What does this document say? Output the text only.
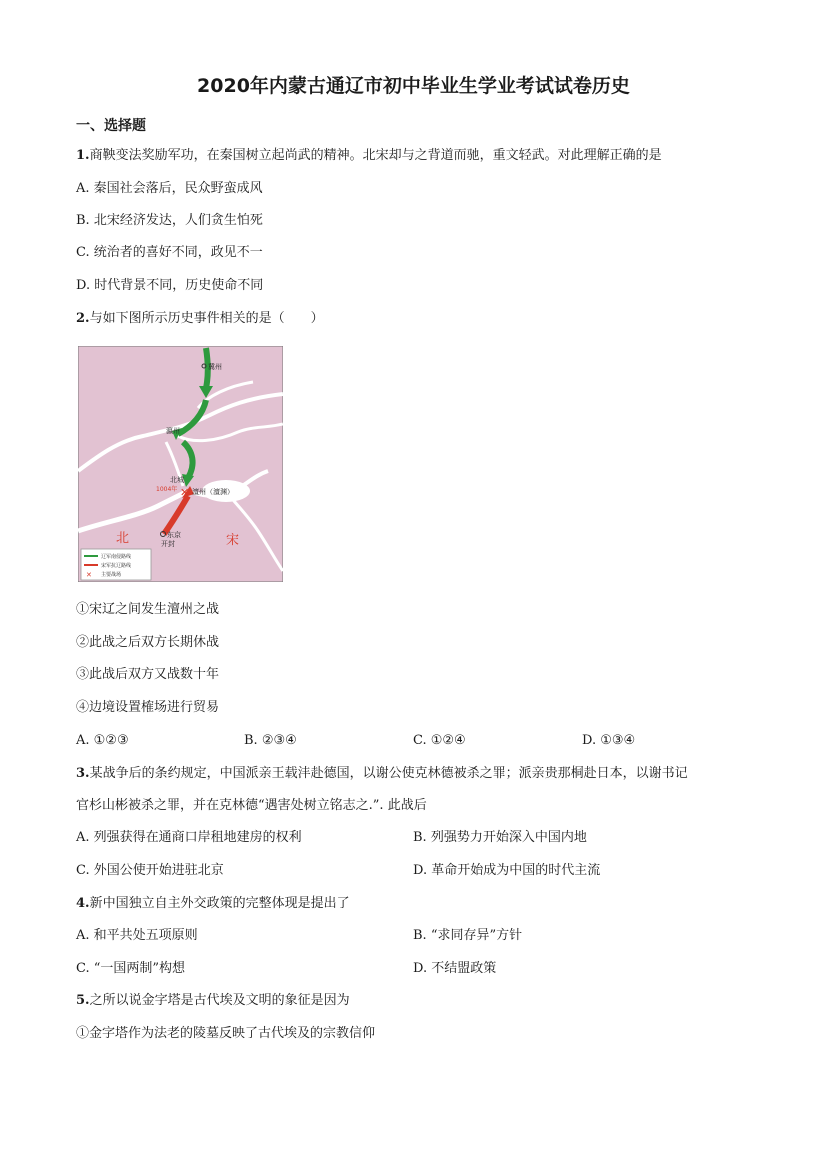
2020年内蒙古通辽市初中毕业生学业考试试卷历史
一、选择题
1.商鞅变法奖励军功，在秦国树立起尚武的精神。北宋却与之背道而驰，重文轻武。对此理解正确的是
A. 秦国社会落后，民众野蛮成风
B. 北宋经济发达，人们贪生怕死
C. 统治者的喜好不同，政见不一
D. 时代背景不同，历史使命不同
2.与如下图所示历史事件相关的是（　　）
✕
冀州
瀛州
北城
1004年 澶州（澶渊）
东京
开封
北	宋
辽军南侵路线
宋军抗辽路线
✕ 主要战场
①宋辽之间发生澶州之战
②此战之后双方长期休战
③此战后双方又战数十年
④边境设置榷场进行贸易
A. ①②③	B. ②③④	C. ①②④	D. ①③④
3.某战争后的条约规定，中国派亲王载沣赴德国，以谢公使克林德被杀之罪；派亲贵那桐赴日本，以谢书记
官杉山彬被杀之罪，并在克林德“遇害处树立铭志之.”. 此战后
A. 列强获得在通商口岸租地建房的权利	B. 列强势力开始深入中国内地
C. 外国公使开始进驻北京	D. 革命开始成为中国的时代主流
4.新中国独立自主外交政策的完整体现是提出了
A. 和平共处五项原则	B. “求同存异”方针
C. “一国两制”构想	D. 不结盟政策
5.之所以说金字塔是古代埃及文明的象征是因为
①金字塔作为法老的陵墓反映了古代埃及的宗教信仰
